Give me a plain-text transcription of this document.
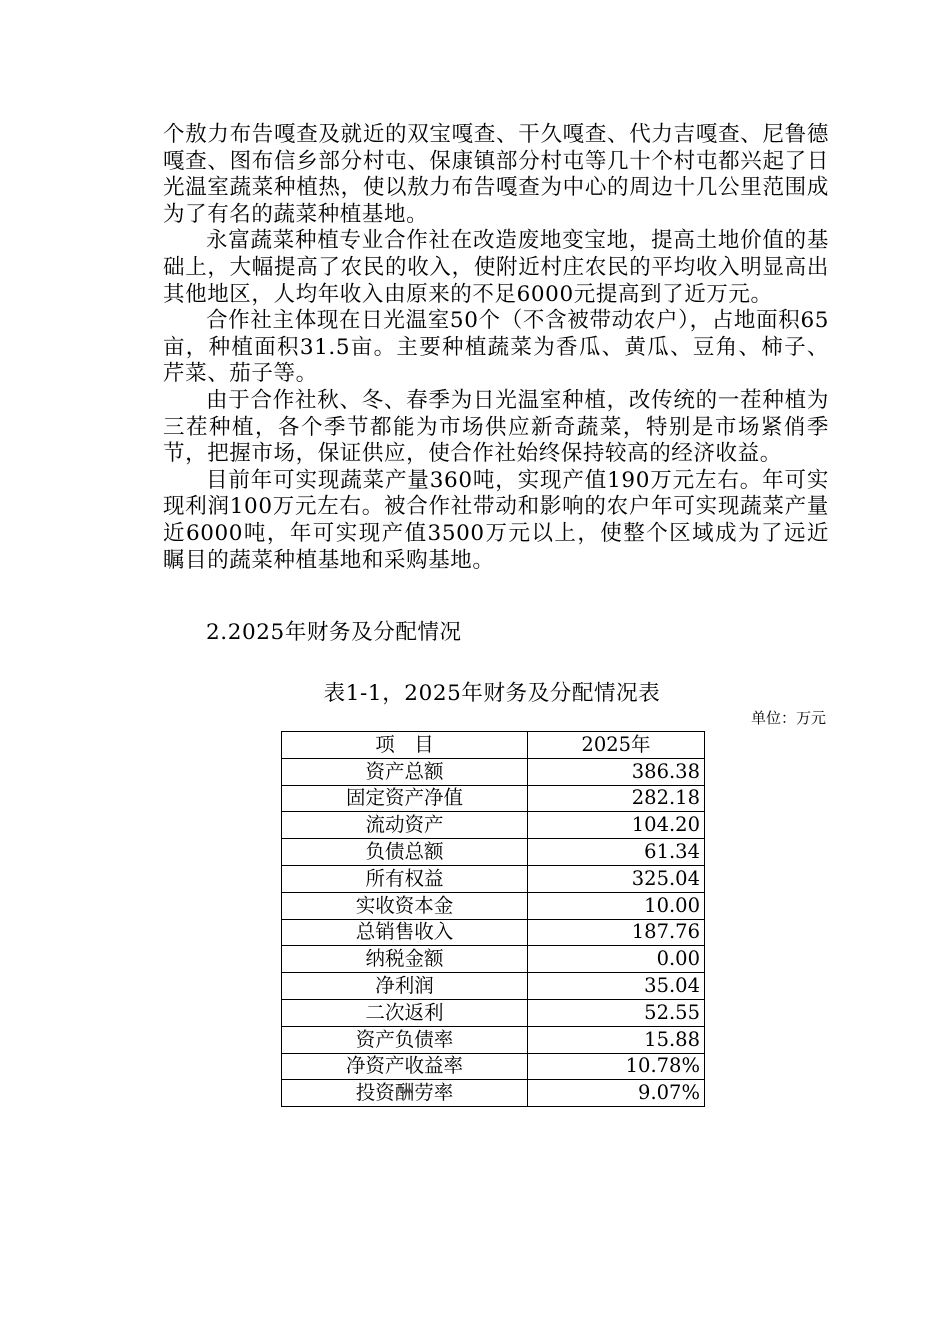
个敖力布告嘎查及就近的双宝嘎查、干久嘎查、代力吉嘎查、尼鲁德嘎查、图布信乡部分村屯、保康镇部分村屯等几十个村屯都兴起了日光温室蔬菜种植热，使以敖力布告嘎查为中心的周边十几公里范围成为了有名的蔬菜种植基地。

永富蔬菜种植专业合作社在改造废地变宝地，提高土地价值的基础上，大幅提高了农民的收入，使附近村庄农民的平均收入明显高出其他地区，人均年收入由原来的不足6000元提高到了近万元。

合作社主体现在日光温室50个（不含被带动农户），占地面积65亩，种植面积31.5亩。主要种植蔬菜为香瓜、黄瓜、豆角、柿子、芹菜、茄子等。

由于合作社秋、冬、春季为日光温室种植，改传统的一茬种植为三茬种植，各个季节都能为市场供应新奇蔬菜，特别是市场紧俏季节，把握市场，保证供应，使合作社始终保持较高的经济收益。

目前年可实现蔬菜产量360吨，实现产值190万元左右。年可实现利润100万元左右。被合作社带动和影响的农户年可实现蔬菜产量近6000吨，年可实现产值3500万元以上，使整个区域成为了远近瞩目的蔬菜种植基地和采购基地。

2.2025年财务及分配情况
表1-1，2025年财务及分配情况表
单位：万元
项　目	2025年
资产总额	386.38
固定资产净值	282.18
流动资产	104.20
负债总额	61.34
所有权益	325.04
实收资本金	10.00
总销售收入	187.76
纳税金额	0.00
净利润	35.04
二次返利	52.55
资产负债率	15.88
净资产收益率	10.78%
投资酬劳率	9.07%
